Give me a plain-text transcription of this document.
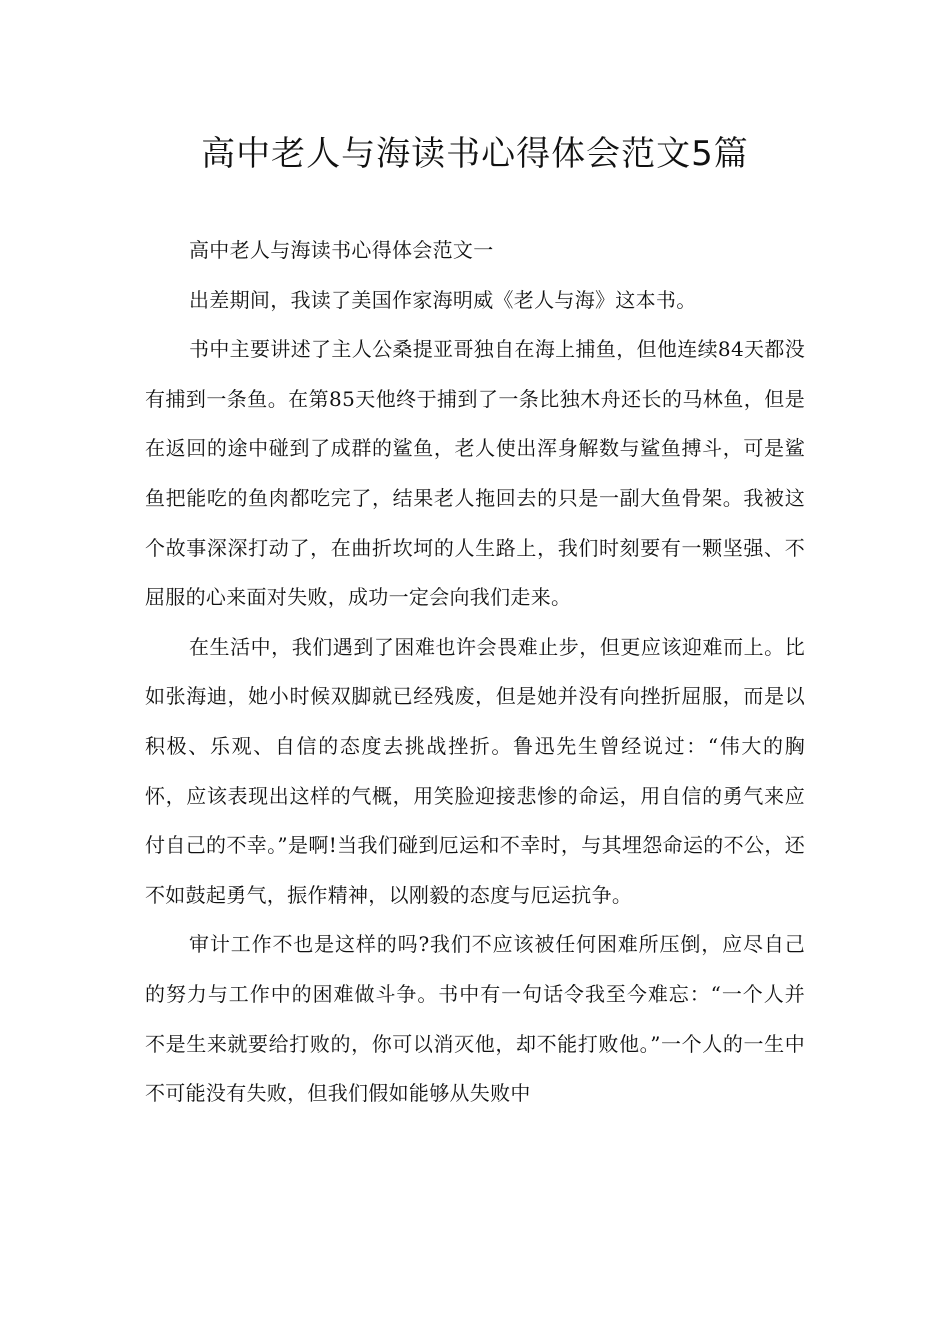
高中老人与海读书心得体会范文5篇

高中老人与海读书心得体会范文一

出差期间，我读了美国作家海明威《老人与海》这本书。

书中主要讲述了主人公桑提亚哥独自在海上捕鱼，但他连续84天都没有捕到一条鱼。在第85天他终于捕到了一条比独木舟还长的马林鱼，但是在返回的途中碰到了成群的鲨鱼，老人使出浑身解数与鲨鱼搏斗，可是鲨鱼把能吃的鱼肉都吃完了，结果老人拖回去的只是一副大鱼骨架。我被这个故事深深打动了，在曲折坎坷的人生路上，我们时刻要有一颗坚强、不屈服的心来面对失败，成功一定会向我们走来。

在生活中，我们遇到了困难也许会畏难止步，但更应该迎难而上。比如张海迪，她小时候双脚就已经残废，但是她并没有向挫折屈服，而是以积极、乐观、自信的态度去挑战挫折。鲁迅先生曾经说过：“伟大的胸怀，应该表现出这样的气概，用笑脸迎接悲惨的命运，用自信的勇气来应付自己的不幸。”是啊!当我们碰到厄运和不幸时，与其埋怨命运的不公，还不如鼓起勇气，振作精神，以刚毅的态度与厄运抗争。

审计工作不也是这样的吗?我们不应该被任何困难所压倒，应尽自己的努力与工作中的困难做斗争。书中有一句话令我至今难忘：“一个人并不是生来就要给打败的，你可以消灭他，却不能打败他。”一个人的一生中不可能没有失败，但我们假如能够从失败中
